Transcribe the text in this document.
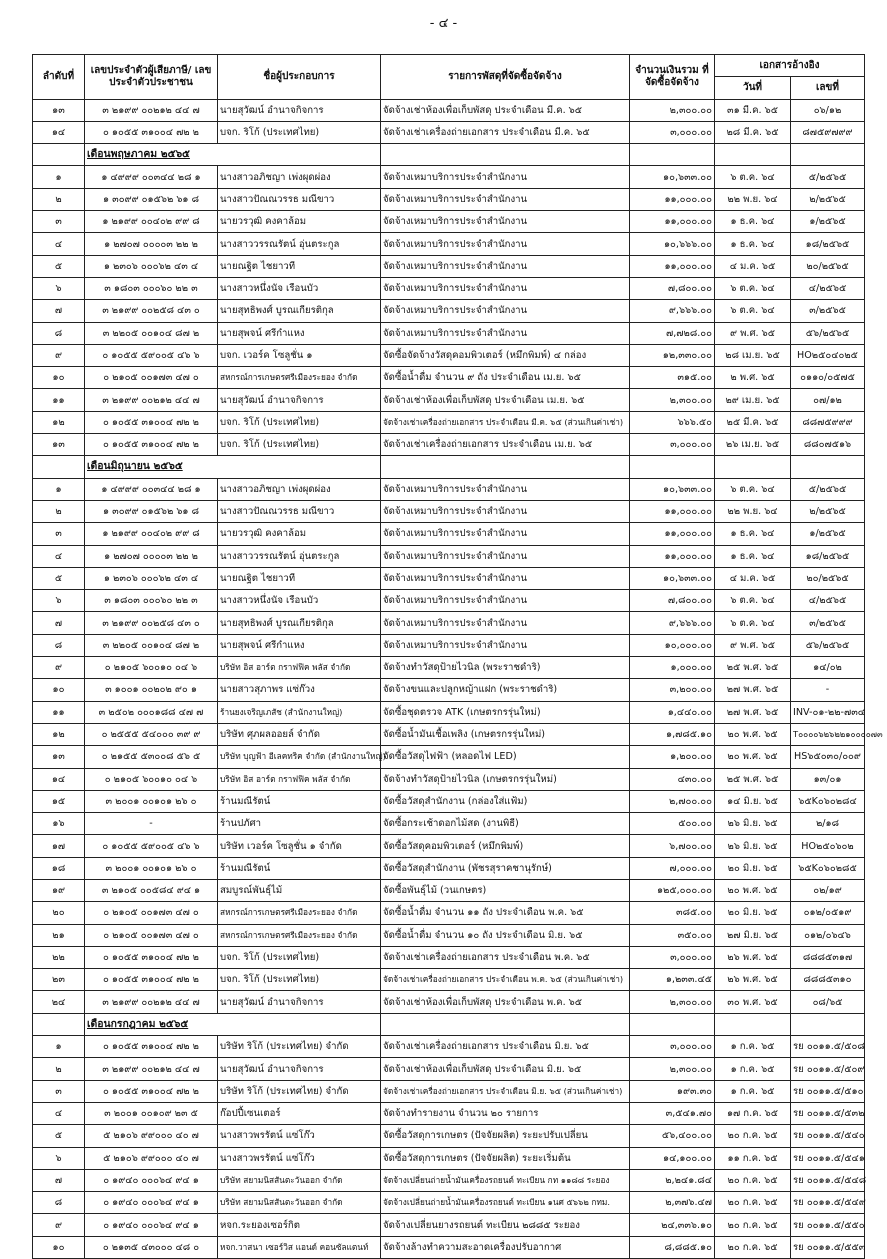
- ๔ -
ลำดับที่	เลขประจำตัวผู้เสียภาษี/ เลขประจำตัวประชาชน	ชื่อผู้ประกอบการ	รายการพัสดุที่จัดซื้อจัดจ้าง	จำนวนเงินรวม ที่จัดซื้อจัดจ้าง	เอกสารอ้างอิง	
					วันที่	เลขที่
๑๓	๓ ๒๑๙๙ ๐๐๒๑๒ ๔๔ ๗	นายสุวัฒน์ อำนาจกิจการ	จัดจ้างเช่าห้องเพื่อเก็บพัสดุ ประจำเดือน มี.ค. ๖๕	๒,๓๐๐.๐๐	๓๑ มี.ค. ๖๕	๐๖/๑๒
๑๔	๐ ๑๐๕๕ ๓๑๐๐๔ ๗๒ ๒	บจก. ริโก้ (ประเทศไทย)	จัดจ้างเช่าเครื่องถ่ายเอกสาร ประจำเดือน มี.ค. ๖๕	๓,๐๐๐.๐๐	๒๘ มี.ค. ๖๕	๘๗๕๙๗๙๙
	เดือนพฤษภาคม ๒๕๖๕					
๑	๑ ๔๙๙๙ ๐๐๓๔๔ ๒๘ ๑	นางสาวอภิชญา เพ่งผุดผ่อง	จัดจ้างเหมาบริการประจำสำนักงาน	๑๐,๖๓๓.๐๐	๖ ต.ค. ๖๔	๕/๒๕๖๕
๒	๑ ๓๐๙๙ ๐๑๕๖๒ ๖๑ ๘	นางสาวปัณณวรรธ มณีขาว	จัดจ้างเหมาบริการประจำสำนักงาน	๑๑,๐๐๐.๐๐	๒๒ พ.ย. ๖๔	๒/๒๕๖๕
๓	๑ ๒๑๙๙ ๐๐๔๐๒ ๙๙ ๘	นายวรวุฒิ คงคาล้อม	จัดจ้างเหมาบริการประจำสำนักงาน	๑๑,๐๐๐.๐๐	๑ ธ.ค. ๖๔	๑/๒๕๖๕
๔	๑ ๒๗๐๗ ๐๐๐๐๓ ๒๒ ๒	นางสาววรรณรัตน์ อุ่นตระกูล	จัดจ้างเหมาบริการประจำสำนักงาน	๑๐,๖๖๖.๐๐	๑ ธ.ค. ๖๔	๑๘/๒๕๖๕
๕	๑ ๒๓๐๖ ๐๐๐๖๒ ๔๓ ๔	นายณฐิต ไชยาวที	จัดจ้างเหมาบริการประจำสำนักงาน	๑๑,๐๐๐.๐๐	๔ ม.ค. ๖๕	๒๐/๒๕๖๕
๖	๓ ๑๘๐๓ ๐๐๐๖๐ ๒๒ ๓	นางสาวหนึ่งนัจ เรือนบัว	จัดจ้างเหมาบริการประจำสำนักงาน	๗,๘๐๐.๐๐	๖ ต.ค. ๖๔	๔/๒๕๖๕
๗	๓ ๒๑๙๙ ๐๐๒๕๘ ๔๓ ๐	นายสุทธิพงศ์ บูรณเกียรติกุล	จัดจ้างเหมาบริการประจำสำนักงาน	๙,๖๖๖.๐๐	๖ ต.ค. ๖๔	๓/๒๕๖๕
๘	๓ ๒๒๐๕ ๐๐๑๐๔ ๘๗ ๒	นายสุพจน์ ศรีกำแหง	จัดจ้างเหมาบริการประจำสำนักงาน	๗,๗๒๘.๐๐	๙ พ.ศ. ๖๕	๕๖/๒๕๖๕
๙	๐ ๑๐๕๕ ๕๙๐๐๕ ๔๖ ๖	บจก. เวอร์ค โซลูชั่น ๑	จัดซื้อจัดจ้างวัสดุคอมพิวเตอร์ (หมึกพิมพ์) ๔ กล่อง	๑๒,๓๓๐.๐๐	๒๘ เม.ย. ๖๕	HO๒๕๐๔๐๒๕
๑๐	๐ ๒๑๐๕ ๐๐๑๗๓ ๔๗ ๐	สหกรณ์การเกษตรศรีเมืองระยอง จำกัด	จัดซื้อน้ำดื่ม จำนวน ๙ ถัง ประจำเดือน เม.ย. ๖๕	๓๑๕.๐๐	๒ พ.ศ. ๖๕	๐๑๑๐/๐๕๗๕
๑๑	๓ ๒๑๙๙ ๐๐๒๑๒ ๔๔ ๗	นายสุวัฒน์ อำนาจกิจการ	จัดจ้างเช่าห้องเพื่อเก็บพัสดุ ประจำเดือน เม.ย. ๖๕	๒,๓๐๐.๐๐	๒๙ เม.ย. ๖๕	๐๗/๑๒
๑๒	๐ ๑๐๕๕ ๓๑๐๐๔ ๗๒ ๒	บจก. ริโก้ (ประเทศไทย)	จัดจ้างเช่าเครื่องถ่ายเอกสาร ประจำเดือน มี.ค. ๖๕ (ส่วนเกินค่าเช่า)	๖๖๖.๕๐	๒๕ มี.ค. ๖๕	๘๘๗๕๙๙๙
๑๓	๐ ๑๐๕๕ ๓๑๐๐๔ ๗๒ ๒	บจก. ริโก้ (ประเทศไทย)	จัดจ้างเช่าเครื่องถ่ายเอกสาร ประจำเดือน เม.ย. ๖๕	๓,๐๐๐.๐๐	๒๖ เม.ย. ๖๕	๘๘๐๗๕๑๖
	เดือนมิถุนายน ๒๕๖๕					
๑	๑ ๔๙๙๙ ๐๐๓๔๔ ๒๘ ๑	นางสาวอภิชญา เพ่งผุดผ่อง	จัดจ้างเหมาบริการประจำสำนักงาน	๑๐,๖๓๓.๐๐	๖ ต.ค. ๖๔	๕/๒๕๖๕
๒	๑ ๓๐๙๙ ๐๑๕๖๒ ๖๑ ๘	นางสาวปัณณวรรธ มณีขาว	จัดจ้างเหมาบริการประจำสำนักงาน	๑๑,๐๐๐.๐๐	๒๒ พ.ย. ๖๔	๒/๒๕๖๕
๓	๑ ๒๑๙๙ ๐๐๔๐๒ ๙๙ ๘	นายวรวุฒิ คงคาล้อม	จัดจ้างเหมาบริการประจำสำนักงาน	๑๑,๐๐๐.๐๐	๑ ธ.ค. ๖๔	๑/๒๕๖๕
๔	๑ ๒๗๐๗ ๐๐๐๐๓ ๒๒ ๒	นางสาววรรณรัตน์ อุ่นตระกูล	จัดจ้างเหมาบริการประจำสำนักงาน	๑๑,๐๐๐.๐๐	๑ ธ.ค. ๖๔	๑๘/๒๕๖๕
๕	๑ ๒๓๐๖ ๐๐๐๖๒ ๔๓ ๔	นายณฐิต ไชยาวที	จัดจ้างเหมาบริการประจำสำนักงาน	๑๐,๖๓๓.๐๐	๔ ม.ค. ๖๕	๒๐/๒๕๖๕
๖	๓ ๑๘๐๓ ๐๐๐๖๐ ๒๒ ๓	นางสาวหนึ่งนัจ เรือนบัว	จัดจ้างเหมาบริการประจำสำนักงาน	๗,๘๐๐.๐๐	๖ ต.ค. ๖๔	๔/๒๕๖๕
๗	๓ ๒๑๙๙ ๐๐๒๕๘ ๔๓ ๐	นายสุทธิพงศ์ บูรณเกียรติกุล	จัดจ้างเหมาบริการประจำสำนักงาน	๙,๖๖๖.๐๐	๖ ต.ค. ๖๔	๓/๒๕๖๕
๘	๓ ๒๒๐๕ ๐๐๑๐๔ ๘๗ ๒	นายสุพจน์ ศรีกำแหง	จัดจ้างเหมาบริการประจำสำนักงาน	๑๐,๐๐๐.๐๐	๙ พ.ศ. ๖๕	๕๖/๒๕๖๕
๙	๐ ๒๑๐๕ ๖๐๐๑๐ ๐๔ ๖	บริษัท อิส อาร์ต กราฟฟิค พลัส จำกัด	จัดจ้างทำวัสดุป้ายไวนิล (พระราชดำริ)	๑,๐๐๐.๐๐	๒๕ พ.ศ. ๖๕	๑๔/๐๒
๑๐	๓ ๑๐๐๑ ๐๐๒๐๒ ๙๐ ๑	นายสาวสุภาพร แซ่ก๊วง	จัดจ้างขนและปลูกหญ้าแฝก (พระราชดำริ)	๓,๒๐๐.๐๐	๒๗ พ.ศ. ๖๕	-
๑๑	๓ ๒๕๐๒ ๐๐๐๑๘๘ ๔๗ ๗	ร้านยงเจริญเภสัช (สำนักงานใหญ่)	จัดซื้อชุดตรวจ ATK (เกษตรกรรุ่นใหม่)	๑,๔๔๐.๐๐	๒๗ พ.ศ. ๖๕	INV-๐๑-๒๒-๗๓๔
๑๒	๐ ๒๕๕๕ ๕๔๐๐๐ ๓๙ ๙	บริษัท ศุภผลออยล์ จำกัด	จัดซื้อน้ำมันเชื้อเพลิง (เกษตรกรรุ่นใหม่)	๑,๗๘๕.๑๐	๒๐ พ.ศ. ๖๕	T๐๐๐๐๖๒๖๒๒๑๐๐๐๐๗๓
๑๓	๐ ๒๑๕๕ ๕๓๐๐๘ ๕๖ ๕	บริษัท บุญฟ้า อีเลคทริค จำกัด (สำนักงานใหญ่)	จัดซื้อวัสดุไฟฟ้า (หลอดไฟ LED)	๑,๒๐๐.๐๐	๒๐ พ.ศ. ๖๕	HS๖๕๐๓๐/๐๐๙
๑๔	๐ ๒๑๐๕ ๖๐๐๑๐ ๐๔ ๖	บริษัท อิส อาร์ต กราฟฟิค พลัส จำกัด	จัดจ้างทำวัสดุป้ายไวนิล (เกษตรกรรุ่นใหม่)	๔๓๐.๐๐	๒๕ พ.ศ. ๖๕	๑๓/๐๑
๑๕	๓ ๒๐๐๑ ๐๐๑๐๑ ๒๖ ๐	ร้านมณีรัตน์	จัดซื้อวัสดุสำนักงาน (กล่องใส่แฟ้ม)	๒,๗๐๐.๐๐	๑๔ มิ.ย. ๖๕	๖๕K๐๖๐๒๘๔
๑๖	-	ร้านปภัศา	จัดซื้อกระเช้าดอกไม้สด (งานพิธี)	๕๐๐.๐๐	๒๖ มิ.ย. ๖๕	๒/๑๘
๑๗	๐ ๑๐๕๕ ๕๙๐๐๕ ๔๖ ๖	บริษัท เวอร์ค โซลูชั่น ๑ จำกัด	จัดซื้อวัสดุคอมพิวเตอร์ (หมึกพิมพ์)	๖,๗๐๐.๐๐	๒๖ มิ.ย. ๖๕	HO๒๕๐๖๐๒
๑๘	๓ ๒๐๐๑ ๐๐๑๐๑ ๒๖ ๐	ร้านมณีรัตน์	จัดซื้อวัสดุสำนักงาน (พัชรสุราคชานุรักษ์)	๗,๐๐๐.๐๐	๒๐ มิ.ย. ๖๕	๖๕K๐๖๐๒๘๕
๑๙	๓ ๒๑๐๕ ๐๐๕๘๔ ๙๔ ๑	สมบูรณ์พันธุ์ไม้	จัดซื้อพันธุ์ไม้ (วนเกษตร)	๑๒๕,๐๐๐.๐๐	๒๐ พ.ศ. ๖๕	๐๒/๑๙
๒๐	๐ ๒๑๐๕ ๐๐๑๗๓ ๔๗ ๐	สหกรณ์การเกษตรศรีเมืองระยอง จำกัด	จัดซื้อน้ำดื่ม จำนวน ๑๑ ถัง ประจำเดือน พ.ค. ๖๕	๓๘๕.๐๐	๒๐ มิ.ย. ๖๕	๐๑๒/๐๕๑๙
๒๑	๐ ๒๑๐๕ ๐๐๑๗๓ ๔๗ ๐	สหกรณ์การเกษตรศรีเมืองระยอง จำกัด	จัดซื้อน้ำดื่ม จำนวน ๑๐ ถัง ประจำเดือน มิ.ย. ๖๕	๓๕๐.๐๐	๒๗ มิ.ย. ๖๕	๐๑๒/๐๖๔๖
๒๒	๐ ๑๐๕๕ ๓๑๐๐๔ ๗๒ ๒	บจก. ริโก้ (ประเทศไทย)	จัดจ้างเช่าเครื่องถ่ายเอกสาร ประจำเดือน พ.ค. ๖๕	๓,๐๐๐.๐๐	๒๖ พ.ศ. ๖๕	๘๘๘๕๓๑๗
๒๓	๐ ๑๐๕๕ ๓๑๐๐๔ ๗๒ ๒	บจก. ริโก้ (ประเทศไทย)	จัดจ้างเช่าเครื่องถ่ายเอกสาร ประจำเดือน พ.ค. ๖๕ (ส่วนเกินค่าเช่า)	๑,๒๓๓.๔๕	๒๖ พ.ศ. ๖๕	๘๘๘๕๓๑๐
๒๔	๓ ๒๑๙๙ ๐๐๒๑๒ ๔๔ ๗	นายสุวัฒน์ อำนาจกิจการ	จัดจ้างเช่าห้องเพื่อเก็บพัสดุ ประจำเดือน พ.ค. ๖๕	๒,๓๐๐.๐๐	๓๐ พ.ศ. ๖๕	๐๘/๖๕
	เดือนกรกฎาคม ๒๕๖๕					
๑	๐ ๑๐๕๕ ๓๑๐๐๔ ๗๒ ๒	บริษัท ริโก้ (ประเทศไทย) จำกัด	จัดจ้างเช่าเครื่องถ่ายเอกสาร ประจำเดือน มิ.ย. ๖๕	๓,๐๐๐.๐๐	๑ ก.ค. ๖๕	รย ๐๐๑๑.๕/๕๐๘
๒	๓ ๒๑๙๙ ๐๐๒๑๒ ๔๔ ๗	นายสุวัฒน์ อำนาจกิจการ	จัดจ้างเช่าห้องเพื่อเก็บพัสดุ ประจำเดือน มิ.ย. ๖๕	๒,๓๐๐.๐๐	๑ ก.ค. ๖๕	รย ๐๐๑๑.๕/๕๐๙
๓	๐ ๑๐๕๕ ๓๑๐๐๔ ๗๒ ๒	บริษัท ริโก้ (ประเทศไทย) จำกัด	จัดจ้างเช่าเครื่องถ่ายเอกสาร ประจำเดือน มิ.ย. ๖๕ (ส่วนเกินค่าเช่า)	๑๙๓.๓๐	๑ ก.ค. ๖๕	รย ๐๐๑๑.๕/๕๑๐
๔	๓ ๒๐๐๑ ๐๐๑๐๙ ๒๓ ๕	ก๊อปปี้เซนเตอร์	จัดจ้างทำรายงาน จำนวน ๒๐ รายการ	๓,๕๔๑.๗๐	๑๗ ก.ค. ๖๕	รย ๐๐๑๑.๕/๕๓๒
๕	๕ ๒๑๐๖ ๙๙๐๐๐ ๔๐ ๗	นางสาวพรรัตน์ แซ่โก๊ว	จัดซื้อวัสดุการเกษตร (ปัจจัยผลิต) ระยะปรับเปลี่ยน	๕๖,๔๐๐.๐๐	๒๐ ก.ค. ๖๕	รย ๐๐๑๑.๕/๕๔๐
๖	๕ ๒๑๐๖ ๙๙๐๐๐ ๔๐ ๗	นางสาวพรรัตน์ แซ่โก๊ว	จัดซื้อวัสดุการเกษตร (ปัจจัยผลิต) ระยะเริ่มต้น	๑๔,๑๐๐.๐๐	๑๑ ก.ค. ๖๕	รย ๐๐๑๑.๕/๕๔๑
๗	๐ ๑๙๔๐ ๐๐๐๖๔ ๙๔ ๑	บริษัท สยามนิสสันตะวันออก จำกัด	จัดจ้างเปลี่ยนถ่ายน้ำมันเครื่องรถยนต์ ทะเบียน กท ๑๑๘๘ ระยอง	๒,๒๔๑.๘๔	๒๐ ก.ค. ๖๕	รย ๐๐๑๑.๕/๕๔๘
๘	๐ ๑๙๔๐ ๐๐๐๖๔ ๙๔ ๑	บริษัท สยามนิสสันตะวันออก จำกัด	จัดจ้างเปลี่ยนถ่ายน้ำมันเครื่องรถยนต์ ทะเบียน ๑นศ ๕๖๖๒ กทม.	๒,๓๗๖.๔๗	๒๐ ก.ค. ๖๕	รย ๐๐๑๑.๕/๕๔๙
๙	๐ ๑๙๔๐ ๐๐๐๖๔ ๙๔ ๑	หจก.ระยองเซอร์กิต	จัดจ้างเปลี่ยนยางรถยนต์ ทะเบียน ๒๘๘๕ ระยอง	๒๔,๓๓๖.๑๐	๒๐ ก.ค. ๖๕	รย ๐๐๑๑.๕/๕๕๐
๑๐	๐ ๒๑๓๕ ๔๓๐๐๐ ๔๘ ๐	หจก.วาสนา เซอร์วิส แอนด์ คอนซัลแตนท์	จัดจ้างล้างทำความสะอาดเครื่องปรับอากาศ	๘,๘๘๕.๑๐	๒๐ ก.ค. ๖๕	รย ๐๐๑๑.๕/๕๕๓
